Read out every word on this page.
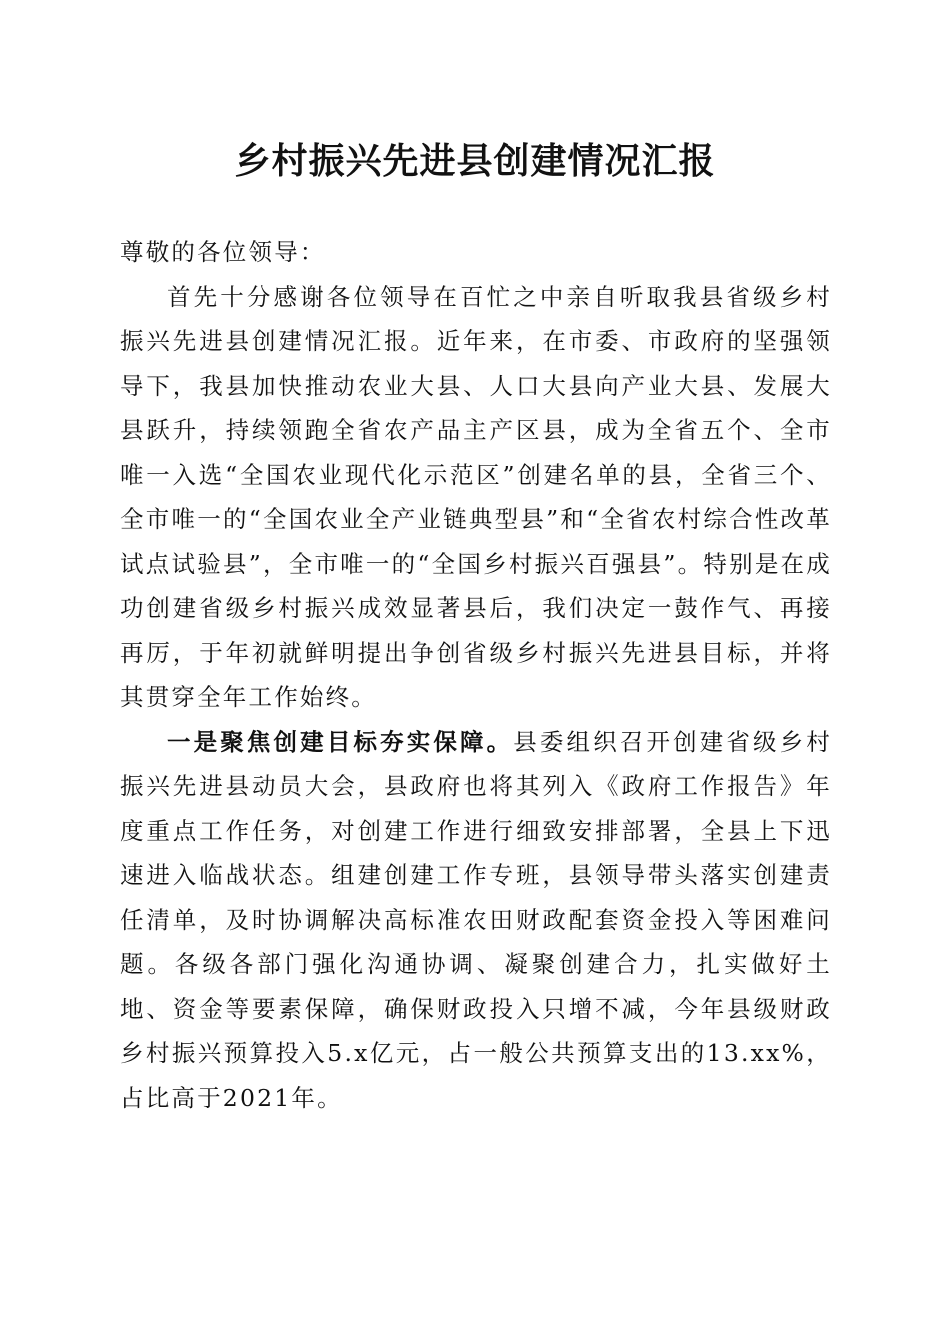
乡村振兴先进县创建情况汇报

尊敬的各位领导：

首先十分感谢各位领导在百忙之中亲自听取我县省级乡村振兴先进县创建情况汇报。近年来，在市委、市政府的坚强领导下，我县加快推动农业大县、人口大县向产业大县、发展大县跃升，持续领跑全省农产品主产区县，成为全省五个、全市唯一入选“全国农业现代化示范区”创建名单的县，全省三个、全市唯一的“全国农业全产业链典型县”和“全省农村综合性改革试点试验县”，全市唯一的“全国乡村振兴百强县”。特别是在成功创建省级乡村振兴成效显著县后，我们决定一鼓作气、再接再厉，于年初就鲜明提出争创省级乡村振兴先进县目标，并将其贯穿全年工作始终。

一是聚焦创建目标夯实保障。县委组织召开创建省级乡村振兴先进县动员大会，县政府也将其列入《政府工作报告》年度重点工作任务，对创建工作进行细致安排部署，全县上下迅速进入临战状态。组建创建工作专班，县领导带头落实创建责任清单，及时协调解决高标准农田财政配套资金投入等困难问题。各级各部门强化沟通协调、凝聚创建合力，扎实做好土地、资金等要素保障，确保财政投入只增不减，今年县级财政乡村振兴预算投入5.x亿元，占一般公共预算支出的13.xx%，占比高于2021年。
